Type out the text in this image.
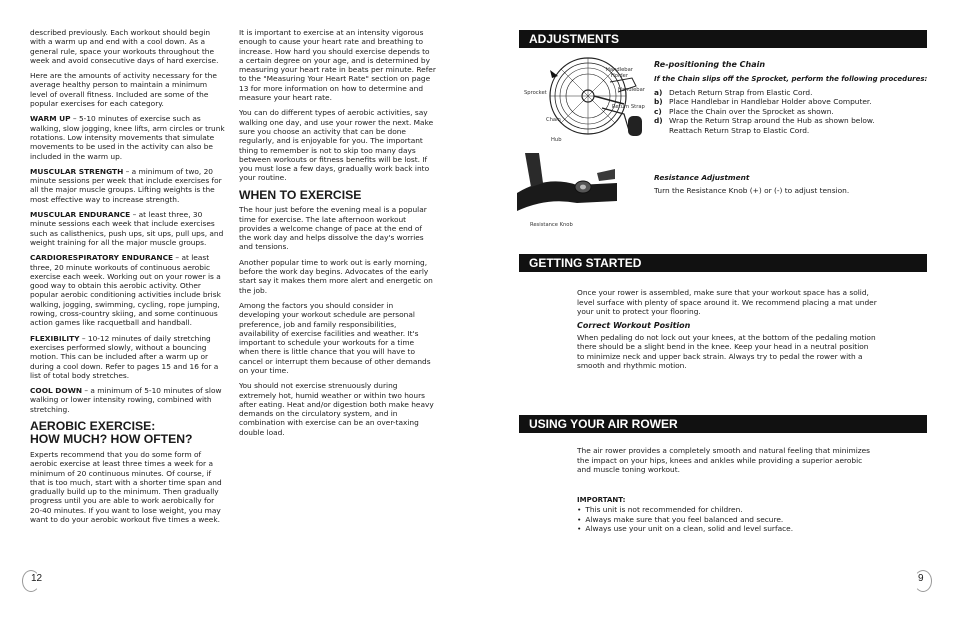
described previously. Each workout should begin with a warm up and end with a cool down. As a general rule, space your workouts throughout the week and avoid consecutive days of hard exercise.

Here are the amounts of activity necessary for the average healthy person to maintain a minimum level of overall fitness. Included are some of the popular exercises for each category.

WARM UP – 5-10 minutes of exercise such as walking, slow jogging, knee lifts, arm circles or trunk rotations. Low intensity movements that simulate movements to be used in the activity can also be included in the warm up.

MUSCULAR STRENGTH – a minimum of two, 20 minute sessions per week that include exercises for all the major muscle groups. Lifting weights is the most effective way to increase strength.

MUSCULAR ENDURANCE – at least three, 30 minute sessions each week that include exercises such as calisthenics, push ups, sit ups, pull ups, and weight training for all the major muscle groups.

CARDIORESPIRATORY ENDURANCE – at least three, 20 minute workouts of continuous aerobic exercise each week. Working out on your rower is a good way to obtain this aerobic activity. Other popular aerobic conditioning activities include brisk walking, jogging, swimming, cycling, rope jumping, rowing, cross-country skiing, and some continuous action games like racquetball and handball.

FLEXIBILITY – 10-12 minutes of daily stretching exercises performed slowly, without a bouncing motion. This can be included after a warm up or during a cool down. Refer to pages 15 and 16 for a list of total body stretches.

COOL DOWN – a minimum of 5-10 minutes of slow walking or lower intensity rowing, combined with stretching.

AEROBIC EXERCISE:
HOW MUCH? HOW OFTEN?

Experts recommend that you do some form of aerobic exercise at least three times a week for a minimum of 20 continuous minutes. Of course, if that is too much, start with a shorter time span and gradually build up to the minimum. Then gradually progress until you are able to work aerobically for 20-40 minutes. If you want to lose weight, you may want to do your aerobic workout five times a week.

It is important to exercise at an intensity vigorous enough to cause your heart rate and breathing to increase. How hard you should exercise depends to a certain degree on your age, and is determined by measuring your heart rate in beats per minute. Refer to the "Measuring Your Heart Rate" section on page 13 for more information on how to determine and measure your heart rate.

You can do different types of aerobic activities, say walking one day, and use your rower the next. Make sure you choose an activity that can be done regularly, and is enjoyable for you. The important thing to remember is not to skip too many days between workouts or fitness benefits will be lost. If you must lose a few days, gradually work back into your routine.

WHEN TO EXERCISE

The hour just before the evening meal is a popular time for exercise. The late afternoon workout provides a welcome change of pace at the end of the work day and helps dissolve the day's worries and tensions.

Another popular time to work out is early morning, before the work day begins. Advocates of the early start say it makes them more alert and energetic on the job.

Among the factors you should consider in developing your workout schedule are personal preference, job and family responsibilities, availability of exercise facilities and weather. It's important to schedule your workouts for a time when there is little chance that you will have to cancel or interrupt them because of other demands on your time.

You should not exercise strenuously during extremely hot, humid weather or within two hours after eating. Heat and/or digestion both make heavy demands on the circulatory system, and in combination with exercise can be an over-taxing double load.

12
ADJUSTMENTS
Handlebar
Holder
Handlebar
Sprocket
Return Strap
Chain
Hub
Resistance Knob
Re-positioning the Chain
If the Chain slips off the Sprocket, perform the following procedures:
a) Detach Return Strap from Elastic Cord.
b) Place Handlebar in Handlebar Holder above Computer.
c) Place the Chain over the Sprocket as shown.
d) Wrap the Return Strap around the Hub as shown below.
Reattach Return Strap to Elastic Cord.
Resistance Adjustment
Turn the Resistance Knob (+) or (-) to adjust tension.
GETTING STARTED

Once your rower is assembled, make sure that your workout space has a solid, level surface with plenty of space around it. We recommend placing a mat under your unit to protect your flooring.

Correct Workout Position

When pedaling do not lock out your knees, at the bottom of the pedaling motion there should be a slight bend in the knee. Keep your head in a neutral position to minimize neck and upper back strain. Always try to pedal the rower with a smooth and rhythmic motion.

USING YOUR AIR ROWER

The air rower provides a completely smooth and natural feeling that minimizes the impact on your hips, knees and ankles while providing a superior aerobic and muscle toning workout.

IMPORTANT:
• This unit is not recommended for children.
• Always make sure that you feel balanced and secure.
• Always use your unit on a clean, solid and level surface.
9
